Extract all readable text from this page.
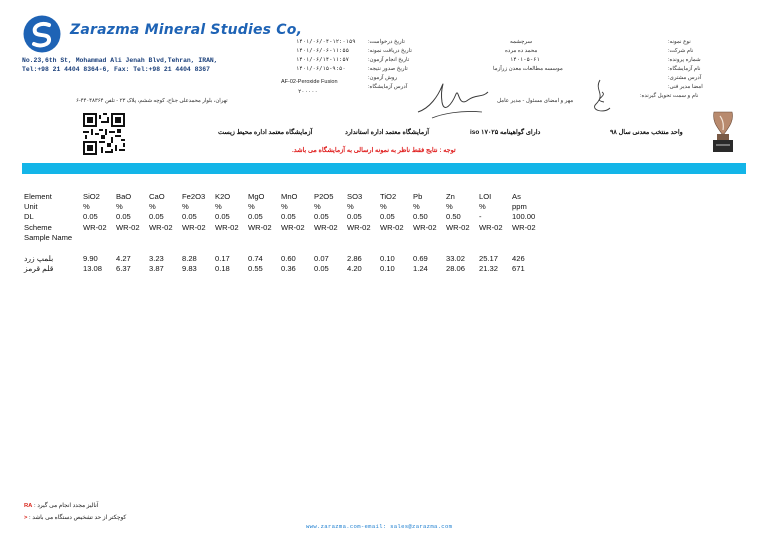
Zarazma Mineral Studies Co,
No.23,6th St, Mohammad Ali Jenah Blvd,Tehran, IRAN,
Tel:+98 21 4404 8364-6, Fax: Tel:+98 21 4404 8367
۱۴۰۱/۰۶/۰۴-۱۲:۰۱۵۹
۱۴۰۱/۰۶/۰۶-۱۱:۵۵
۱۴۰۱/۰۶/۱۴-۱۱:۵۷
۱۴۰۱/۰۶/۱۵-۹:۵۰
AF-02-Peroxide Fusion
۲۰۰۰۰۰
تاریخ درخواست:
تاریخ دریافت نمونه:
تاریخ انجام آزمون:
تاریخ صدور نتیجه:
روش آزمون:
آدرس آزمایشگاه:
تهران، بلوار محمدعلی جناح، کوچه ششم، پلاک ۲۳ - تلفن ۴۴۰۴۸۳۶۴-۶
سرچشمه
محمد ده مرده
۱۴۰۱-۵-۶۱
موسسه مطالعات معدن زرآزما
نوع نمونه:
نام شرکت:
شماره پرونده:
نام آزمایشگاه:
آدرس مشتری:
امضا مدیر فنی:
نام و سمت تحویل گیرنده:
مهر و امضای مسئول - مدیر عامل
آزمایشگاه معتمد اداره محیط زیست	آزمایشگاه معتمد اداره استاندارد	دارای گواهینامه iso ۱۷۰۲۵	واحد منتخب معدنی سال ۹۸
توجه : نتایج فقط ناظر به نمونه ارسالی به آزمایشگاه می باشد.
Element	SiO2	BaO	CaO	Fe2O3	K2O	MgO	MnO	P2O5	SO3	TiO2	Pb	Zn	LOI	As
Unit	%	%	%	%	%	%	%	%	%	%	%	%	%	ppm
DL	0.05	0.05	0.05	0.05	0.05	0.05	0.05	0.05	0.05	0.05	0.50	0.50	-	100.00
Scheme	WR-02	WR-02	WR-02	WR-02	WR-02	WR-02	WR-02	WR-02	WR-02	WR-02	WR-02	WR-02	WR-02	WR-02
Sample Name														

بلمپ زرد	9.90	4.27	3.23	8.28	0.17	0.74	0.60	0.07	2.86	0.10	0.69	33.02	25.17	426
قلم قرمز	13.08	6.37	3.87	9.83	0.18	0.55	0.36	0.05	4.20	0.10	1.24	28.06	21.32	671
آنالیز مجدد انجام می گیرد : RA
کوچکتر از حد تشخیص دستگاه می باشد : <
www.zarazma.com-email: sales@zarazma.com
